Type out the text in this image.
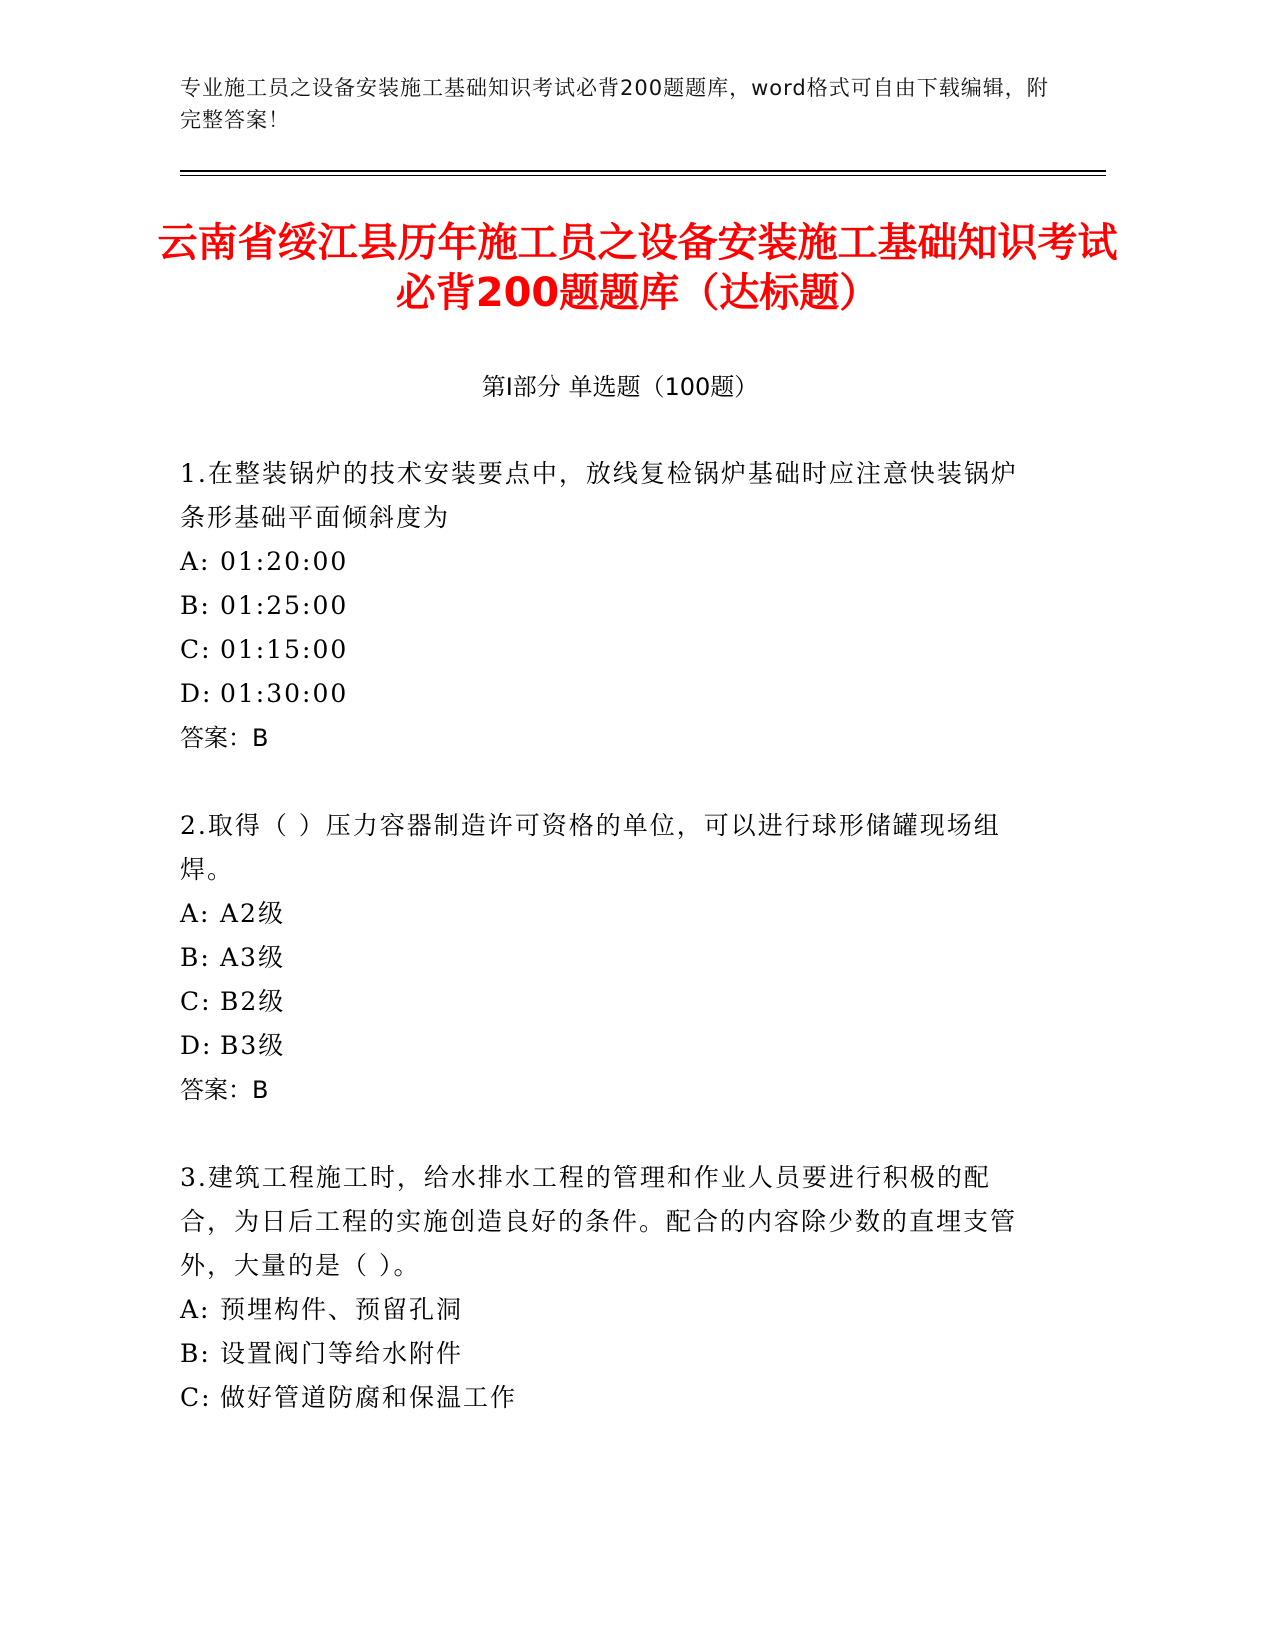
专业施工员之设备安装施工基础知识考试必背200题题库，word格式可自由下载编辑，附完整答案！
云南省绥江县历年施工员之设备安装施工基础知识考试必背200题题库（达标题）
第Ⅰ部分 单选题（100题）

1.在整装锅炉的技术安装要点中，放线复检锅炉基础时应注意快装锅炉条形基础平面倾斜度为

A: 01:20:00

B: 01:25:00

C: 01:15:00

D: 01:30:00

答案：B

2.取得（ ）压力容器制造许可资格的单位，可以进行球形储罐现场组焊。

A: A2级

B: A3级

C: B2级

D: B3级

答案：B

3.建筑工程施工时，给水排水工程的管理和作业人员要进行积极的配合，为日后工程的实施创造良好的条件。配合的内容除少数的直埋支管外，大量的是（ ）。

A: 预埋构件、预留孔洞

B: 设置阀门等给水附件

C: 做好管道防腐和保温工作
